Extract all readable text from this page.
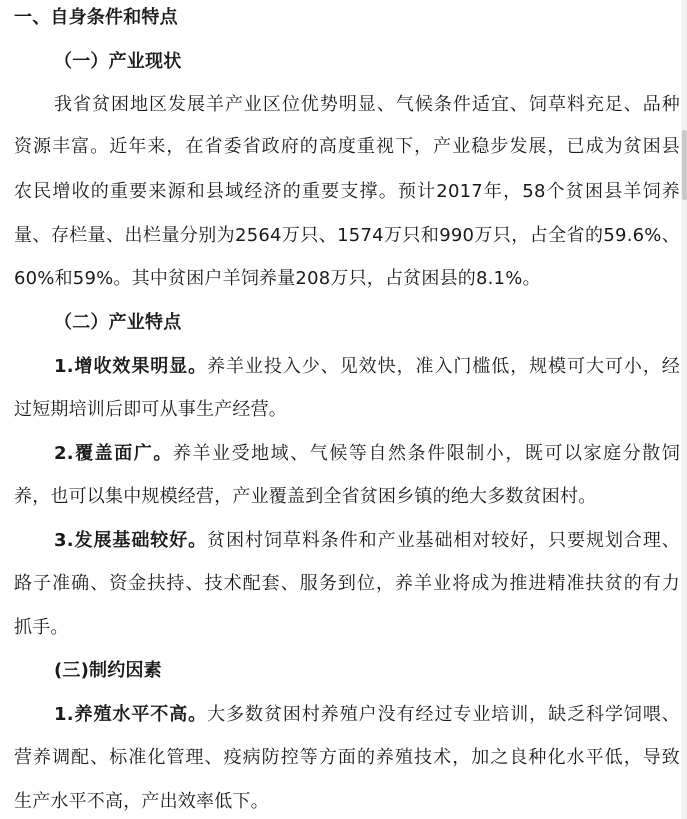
一、自身条件和特点
（一）产业现状
我省贫困地区发展羊产业区位优势明显、气候条件适宜、饲草料充足、品种
资源丰富。近年来，在省委省政府的高度重视下，产业稳步发展，已成为贫困县
农民增收的重要来源和县域经济的重要支撑。预计2017年，58个贫困县羊饲养
量、存栏量、出栏量分别为2564万只、1574万只和990万只，占全省的59.6%、
60%和59%。其中贫困户羊饲养量208万只，占贫困县的8.1%。
（二）产业特点
1.增收效果明显。养羊业投入少、见效快，准入门槛低，规模可大可小，经
过短期培训后即可从事生产经营。
2.覆盖面广。养羊业受地域、气候等自然条件限制小，既可以家庭分散饲
养，也可以集中规模经营，产业覆盖到全省贫困乡镇的绝大多数贫困村。
3.发展基础较好。贫困村饲草料条件和产业基础相对较好，只要规划合理、
路子准确、资金扶持、技术配套、服务到位，养羊业将成为推进精准扶贫的有力
抓手。
(三)制约因素
1.养殖水平不高。大多数贫困村养殖户没有经过专业培训，缺乏科学饲喂、
营养调配、标准化管理、疫病防控等方面的养殖技术，加之良种化水平低，导致
生产水平不高，产出效率低下。
